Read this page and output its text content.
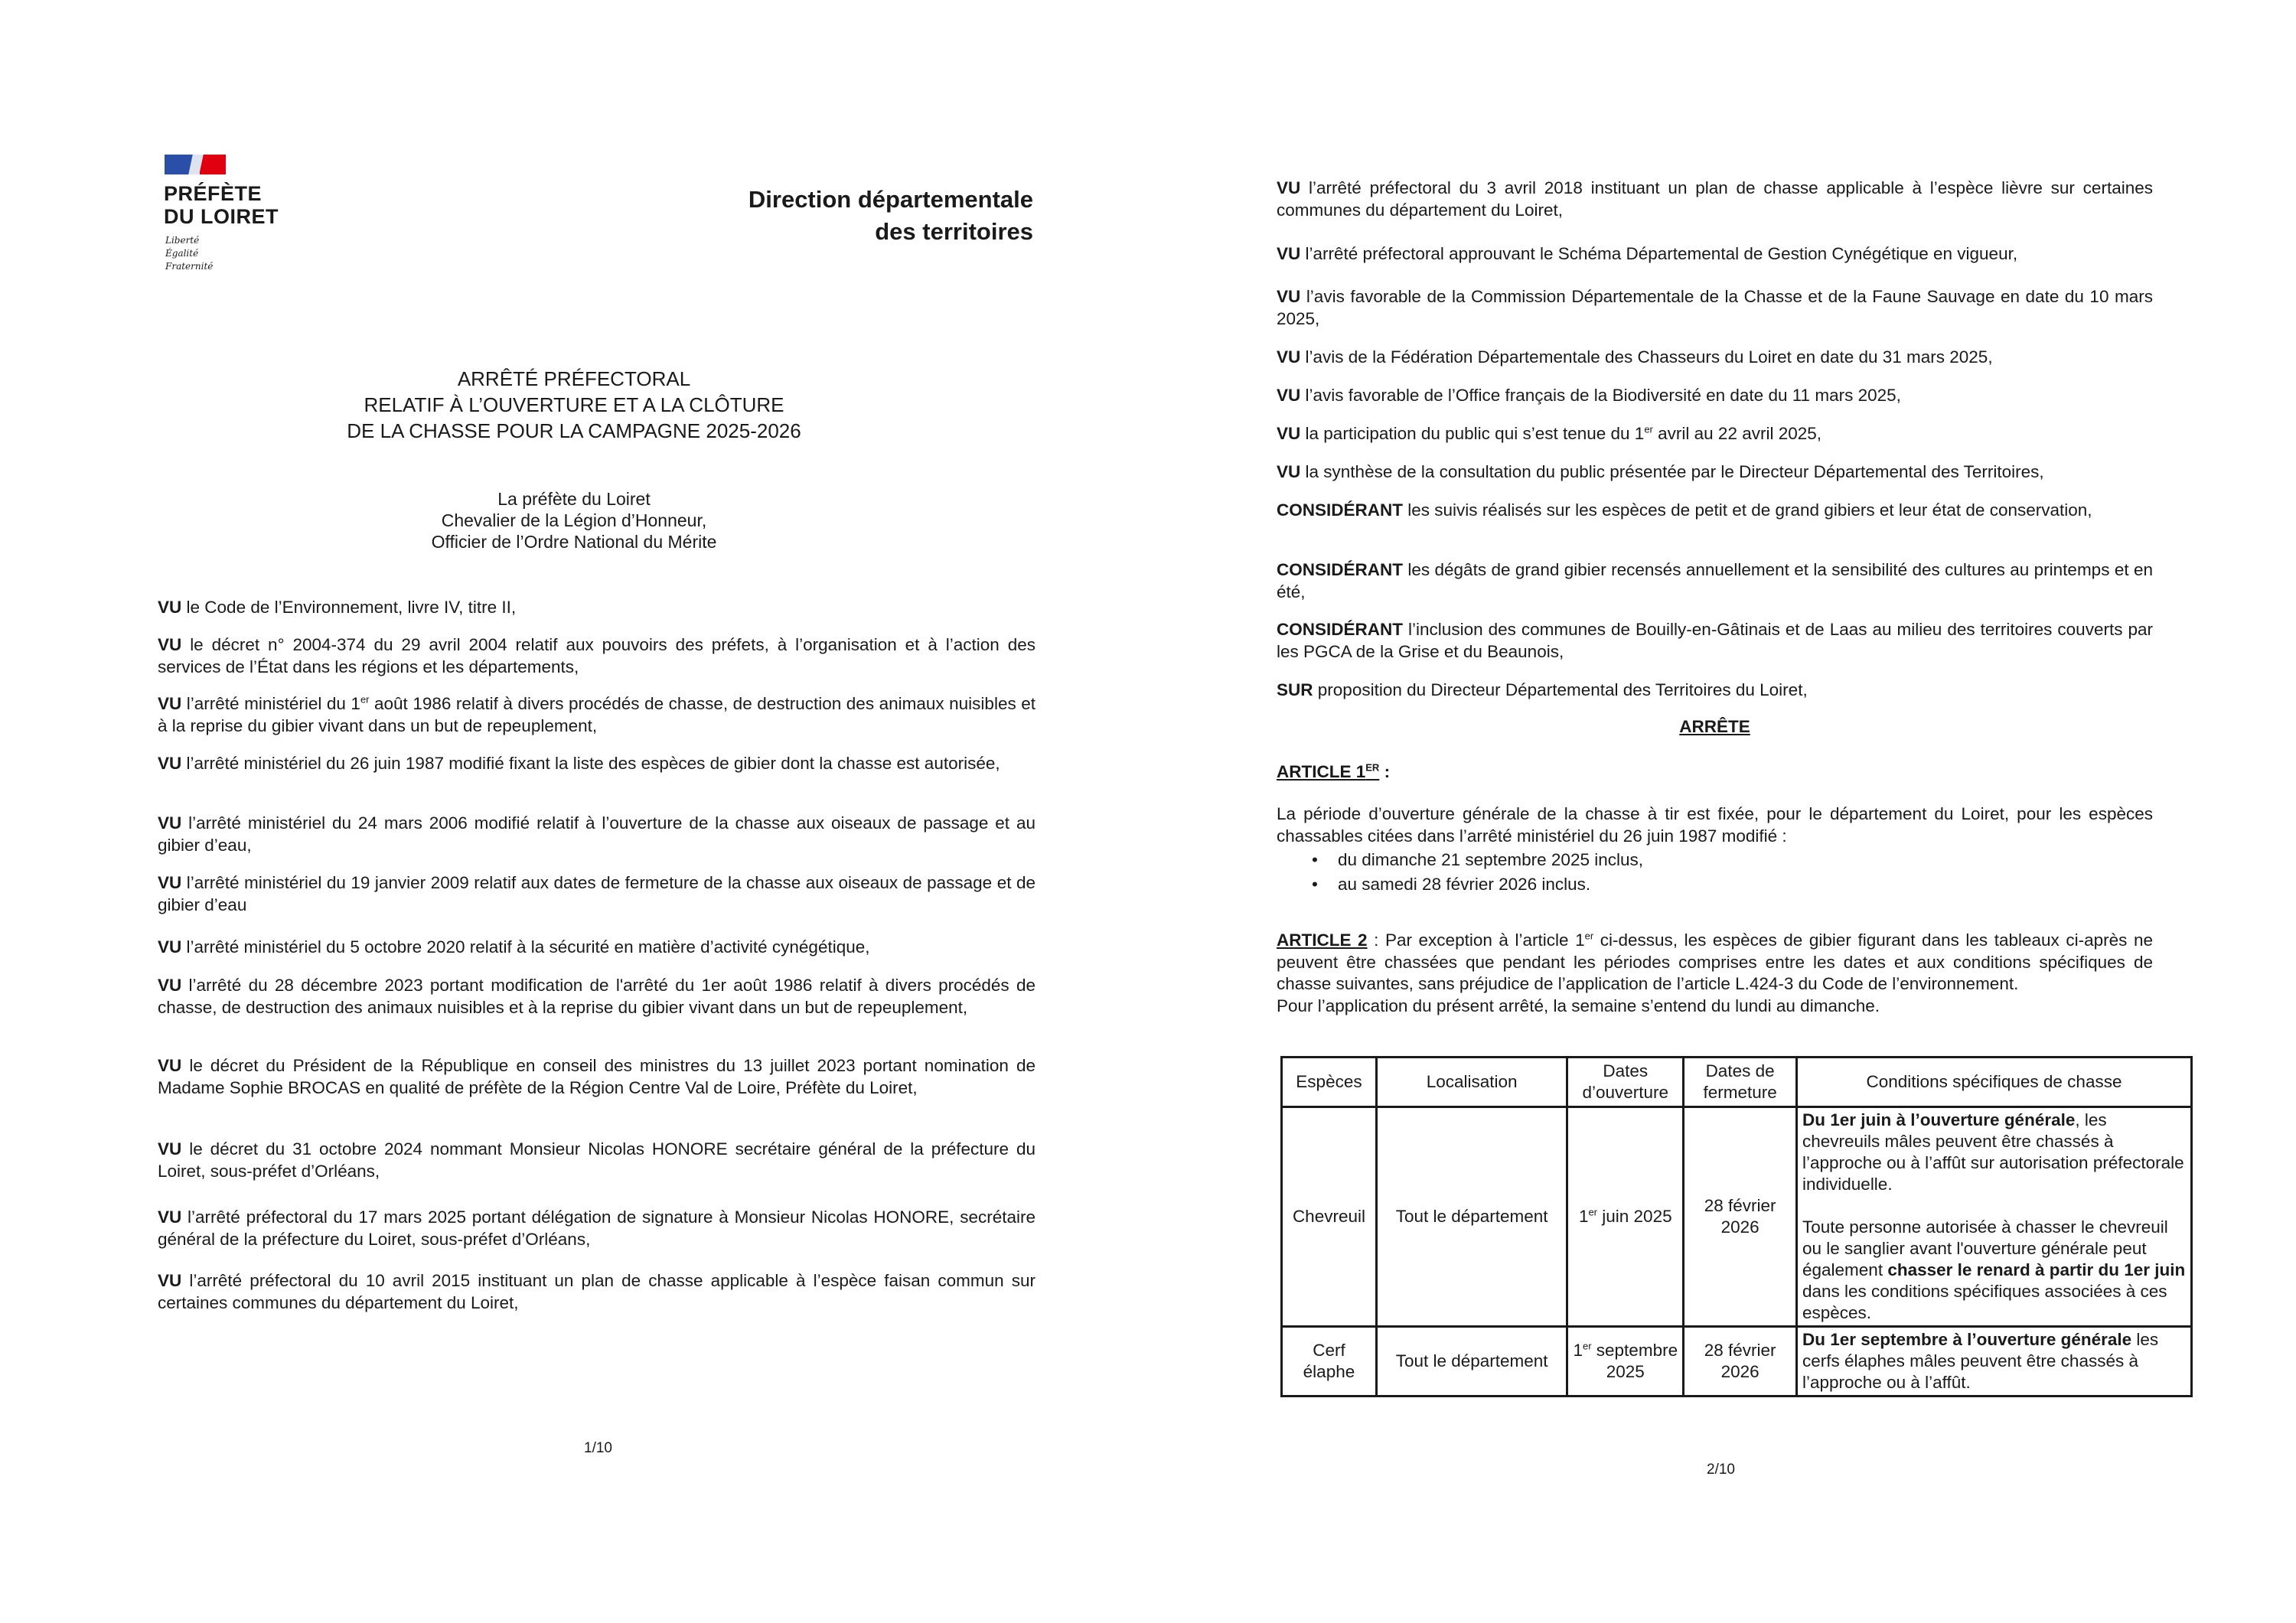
PRÉFÈTE
DU LOIRET
Liberté
Égalité
Fraternité
Direction départementale
des territoires
ARRÊTÉ PRÉFECTORAL
RELATIF À L’OUVERTURE ET A LA CLÔTURE
DE LA CHASSE POUR LA CAMPAGNE 2025-2026
La préfète du Loiret
Chevalier de la Légion d’Honneur,
Officier de l’Ordre National du Mérite
VU le Code de l’Environnement, livre IV, titre II,
VU le décret n° 2004-374 du 29 avril 2004 relatif aux pouvoirs des préfets, à l’organisation et à l’action des services de l’État dans les régions et les départements,
VU l’arrêté ministériel du 1er août 1986 relatif à divers procédés de chasse, de destruction des animaux nuisibles et à la reprise du gibier vivant dans un but de repeuplement,
VU l’arrêté ministériel du 26 juin 1987 modifié fixant la liste des espèces de gibier dont la chasse est autorisée,
VU l’arrêté ministériel du 24 mars 2006 modifié relatif à l’ouverture de la chasse aux oiseaux de passage et au gibier d’eau,
VU l’arrêté ministériel du 19 janvier 2009 relatif aux dates de fermeture de la chasse aux oiseaux de passage et de gibier d’eau
VU l’arrêté ministériel du 5 octobre 2020 relatif à la sécurité en matière d’activité cynégétique,
VU l’arrêté du 28 décembre 2023 portant modification de l'arrêté du 1er août 1986 relatif à divers procédés de chasse, de destruction des animaux nuisibles et à la reprise du gibier vivant dans un but de repeuplement,
VU le décret du Président de la République en conseil des ministres du 13 juillet 2023 portant nomination de Madame Sophie BROCAS en qualité de préfète de la Région Centre Val de Loire, Préfète du Loiret,
VU le décret du 31 octobre 2024 nommant Monsieur Nicolas HONORE secrétaire général de la préfecture du Loiret, sous-préfet d’Orléans,
VU l’arrêté préfectoral du 17 mars 2025 portant délégation de signature à Monsieur Nicolas HONORE, secrétaire général de la préfecture du Loiret, sous-préfet d’Orléans,
VU l’arrêté préfectoral du 10 avril 2015 instituant un plan de chasse applicable à l’espèce faisan commun sur certaines communes du département du Loiret,
1/10
VU l’arrêté préfectoral du 3 avril 2018 instituant un plan de chasse applicable à l’espèce lièvre sur certaines communes du département du Loiret,
VU l’arrêté préfectoral approuvant le Schéma Départemental de Gestion Cynégétique en vigueur,
VU l’avis favorable de la Commission Départementale de la Chasse et de la Faune Sauvage en date du 10 mars 2025,
VU l’avis de la Fédération Départementale des Chasseurs du Loiret en date du 31 mars 2025,
VU l’avis favorable de l’Office français de la Biodiversité en date du 11 mars 2025,
VU la participation du public qui s’est tenue du 1er avril au 22 avril 2025,
VU la synthèse de la consultation du public présentée par le Directeur Départemental des Territoires,
CONSIDÉRANT les suivis réalisés sur les espèces de petit et de grand gibiers et leur état de conservation,
CONSIDÉRANT les dégâts de grand gibier recensés annuellement et la sensibilité des cultures au printemps et en été,
CONSIDÉRANT l’inclusion des communes de Bouilly-en-Gâtinais et de Laas au milieu des territoires couverts par les PGCA de la Grise et du Beaunois,
SUR proposition du Directeur Départemental des Territoires du Loiret,
ARRÊTE
ARTICLE 1ER :
La période d’ouverture générale de la chasse à tir est fixée, pour le département du Loiret, pour les espèces chassables citées dans l’arrêté ministériel du 26 juin 1987 modifié :
• du dimanche 21 septembre 2025 inclus,
• au samedi 28 février 2026 inclus.
ARTICLE 2 : Par exception à l’article 1er ci-dessus, les espèces de gibier figurant dans les tableaux ci-après ne peuvent être chassées que pendant les périodes comprises entre les dates et aux conditions spécifiques de chasse suivantes, sans préjudice de l’application de l’article L.424-3 du Code de l’environnement.
Pour l’application du présent arrêté, la semaine s’entend du lundi au dimanche.
Espèces	Localisation	Dates d’ouverture	Dates de fermeture	Conditions spécifiques de chasse
Chevreuil	Tout le département	1er juin 2025	28 février 2026	Du 1er juin à l’ouverture générale, les chevreuils mâles peuvent être chassés à l’approche ou à l’affût sur autorisation préfectorale individuelle.
Toute personne autorisée à chasser le chevreuil ou le sanglier avant l'ouverture générale peut également chasser le renard à partir du 1er juin dans les conditions spécifiques associées à ces espèces.
Cerf élaphe	Tout le département	1er septembre 2025	28 février 2026	Du 1er septembre à l’ouverture générale les cerfs élaphes mâles peuvent être chassés à l’approche ou à l’affût.
2/10
